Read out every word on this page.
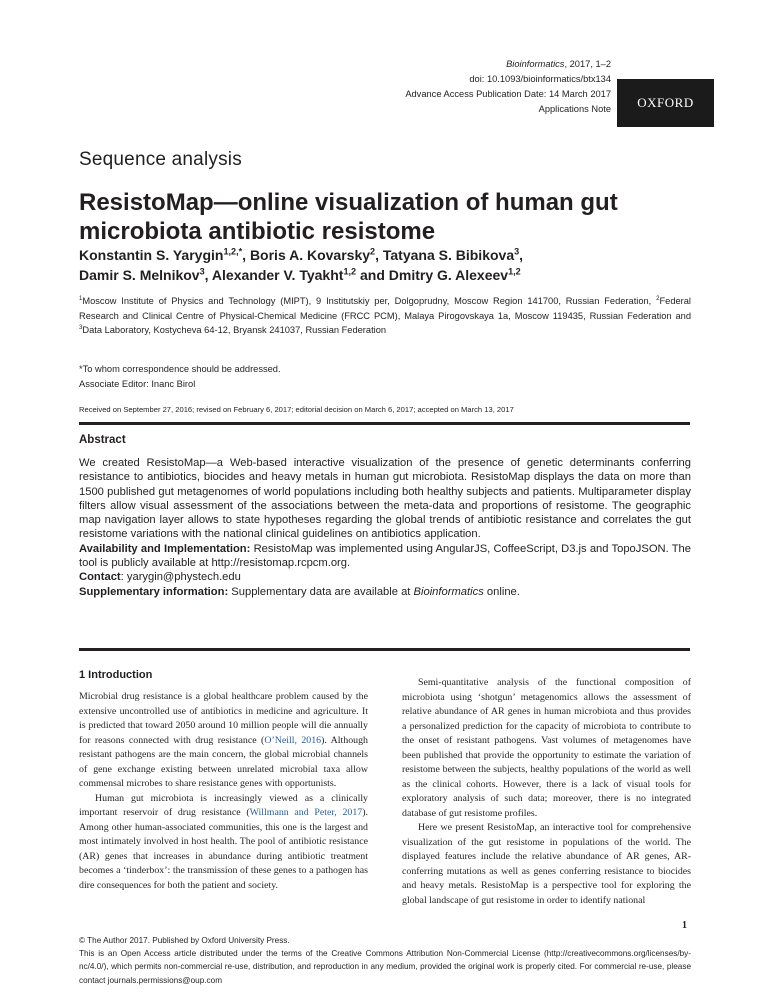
Bioinformatics, 2017, 1–2
doi: 10.1093/bioinformatics/btx134
Advance Access Publication Date: 14 March 2017
Applications Note	OXFORD
Sequence analysis
ResistoMap—online visualization of human gut microbiota antibiotic resistome
Konstantin S. Yarygin$^{1,2,*}$, Boris A. Kovarsky$^2$, Tatyana S. Bibikova$^3$,
Damir S. Melnikov$^3$, Alexander V. Tyakht$^{1,2}$ and Dmitry G. Alexeev$^{1,2}$
$^1$Moscow Institute of Physics and Technology (MIPT), 9 Institutskiy per, Dolgoprudny, Moscow Region 141700, Russian Federation, $^2$Federal Research and Clinical Centre of Physical-Chemical Medicine (FRCC PCM), Malaya Pirogovskaya 1a, Moscow 119435, Russian Federation and $^3$Data Laboratory, Kostycheva 64-12, Bryansk 241037, Russian Federation
*To whom correspondence should be addressed.
Associate Editor: Inanc Birol
Received on September 27, 2016; revised on February 6, 2017; editorial decision on March 6, 2017; accepted on March 13, 2017
Abstract
We created ResistoMap—a Web-based interactive visualization of the presence of genetic determinants conferring resistance to antibiotics, biocides and heavy metals in human gut microbiota. ResistoMap displays the data on more than 1500 published gut metagenomes of world populations including both healthy subjects and patients. Multiparameter display filters allow visual assessment of the associations between the meta-data and proportions of resistome. The geographic map navigation layer allows to state hypotheses regarding the global trends of antibiotic resistance and correlates the gut resistome variations with the national clinical guidelines on antibiotics application.
Availability and Implementation: ResistoMap was implemented using AngularJS, CoffeeScript, D3.js and TopoJSON. The tool is publicly available at http://resistomap.rcpcm.org.
Contact: yarygin@phystech.edu
Supplementary information: Supplementary data are available at Bioinformatics online.
1 Introduction

Microbial drug resistance is a global healthcare problem caused by the extensive uncontrolled use of antibiotics in medicine and agriculture. It is predicted that toward 2050 around 10 million people will die annually for reasons connected with drug resistance (O’Neill, 2016). Although resistant pathogens are the main concern, the global microbial channels of gene exchange existing between unrelated microbial taxa allow commensal microbes to share resistance genes with opportunists.

Human gut microbiota is increasingly viewed as a clinically important reservoir of drug resistance (Willmann and Peter, 2017). Among other human-associated communities, this one is the largest and most intimately involved in host health. The pool of antibiotic resistance (AR) genes that increases in abundance during antibiotic treatment becomes a ‘tinderbox’: the transmission of these genes to a pathogen has dire consequences for both the patient and society.

Semi-quantitative analysis of the functional composition of microbiota using ‘shotgun’ metagenomics allows the assessment of relative abundance of AR genes in human microbiota and thus provides a personalized prediction for the capacity of microbiota to contribute to the onset of resistant pathogens. Vast volumes of metagenomes have been published that provide the opportunity to estimate the variation of resistome between the subjects, healthy populations of the world as well as the clinical cohorts. However, there is a lack of visual tools for exploratory analysis of such data; moreover, there is no integrated database of gut resistome profiles.

Here we present ResistoMap, an interactive tool for comprehensive visualization of the gut resistome in populations of the world. The displayed features include the relative abundance of AR genes, AR-conferring mutations as well as genes conferring resistance to biocides and heavy metals. ResistoMap is a perspective tool for exploring the global landscape of gut resistome in order to identify national

1
© The Author 2017. Published by Oxford University Press.
This is an Open Access article distributed under the terms of the Creative Commons Attribution Non-Commercial License (http://creativecommons.org/licenses/by-nc/4.0/), which permits non-commercial re-use, distribution, and reproduction in any medium, provided the original work is properly cited. For commercial re-use, please contact journals.permissions@oup.com
